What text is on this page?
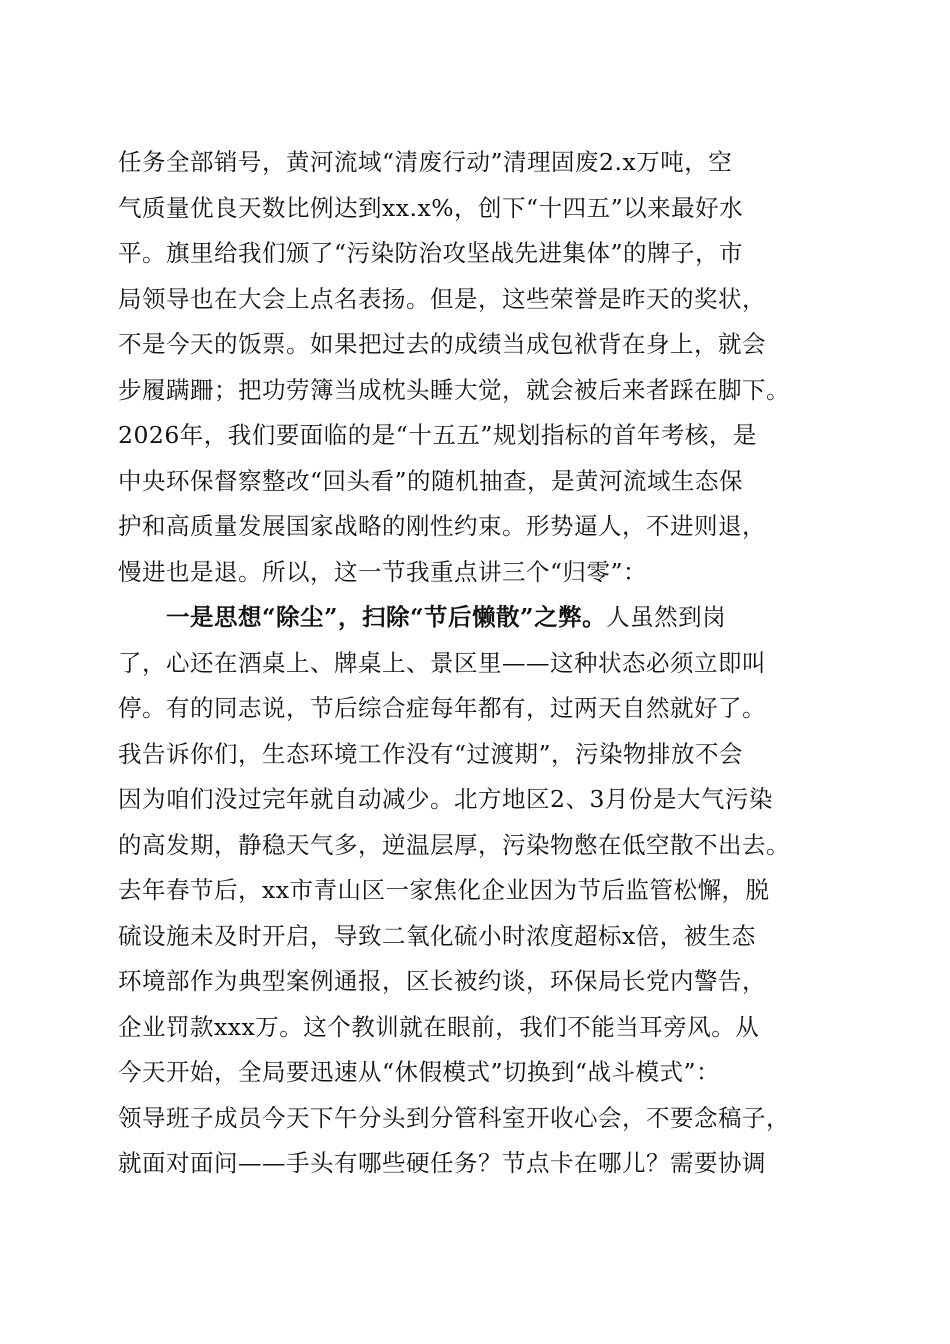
任务全部销号，黄河流域“清废行动”清理固废2.x万吨，空
气质量优良天数比例达到xx.x%，创下“十四五”以来最好水
平。旗里给我们颁了“污染防治攻坚战先进集体”的牌子，市
局领导也在大会上点名表扬。但是，这些荣誉是昨天的奖状，
不是今天的饭票。如果把过去的成绩当成包袱背在身上，就会
步履蹒跚；把功劳簿当成枕头睡大觉，就会被后来者踩在脚下。
2026年，我们要面临的是“十五五”规划指标的首年考核，是
中央环保督察整改“回头看”的随机抽查，是黄河流域生态保
护和高质量发展国家战略的刚性约束。形势逼人，不进则退，
慢进也是退。所以，这一节我重点讲三个“归零”：
一是思想“除尘”，扫除“节后懒散”之弊。人虽然到岗
了，心还在酒桌上、牌桌上、景区里——这种状态必须立即叫
停。有的同志说，节后综合症每年都有，过两天自然就好了。
我告诉你们，生态环境工作没有“过渡期”，污染物排放不会
因为咱们没过完年就自动减少。北方地区2、3月份是大气污染
的高发期，静稳天气多，逆温层厚，污染物憋在低空散不出去。
去年春节后，xx市青山区一家焦化企业因为节后监管松懈，脱
硫设施未及时开启，导致二氧化硫小时浓度超标x倍，被生态
环境部作为典型案例通报，区长被约谈，环保局长党内警告，
企业罚款xxx万。这个教训就在眼前，我们不能当耳旁风。从
今天开始，全局要迅速从“休假模式”切换到“战斗模式”：
领导班子成员今天下午分头到分管科室开收心会，不要念稿子，
就面对面问——手头有哪些硬任务？节点卡在哪儿？需要协调
